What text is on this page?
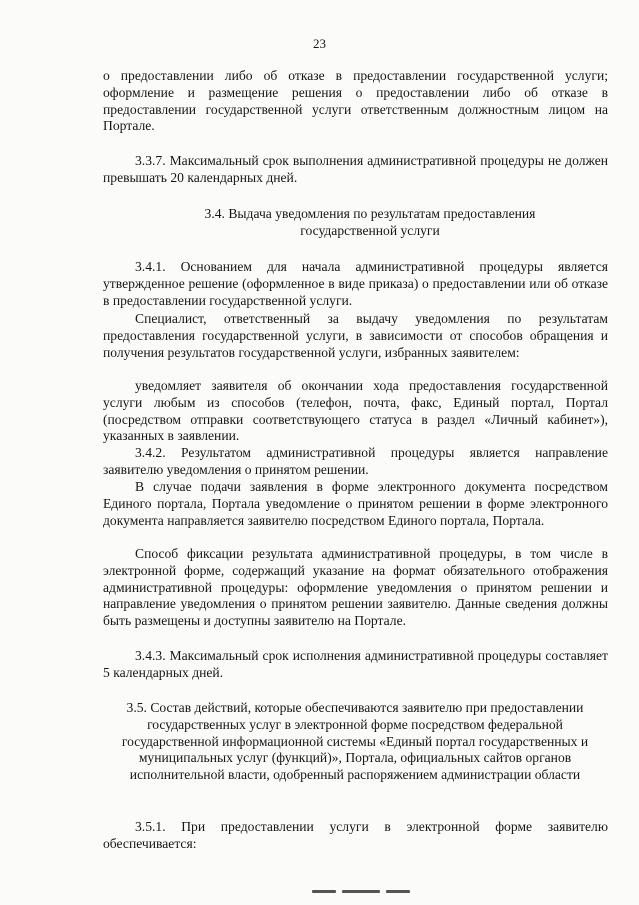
23

о предоставлении либо об отказе в предоставлении государственной услуги; оформление и размещение решения о предоставлении либо об отказе в предоставлении государственной услуги ответственным должностным лицом на Портале.

3.3.7. Максимальный срок выполнения административной процедуры не должен превышать 20 календарных дней.

3.4. Выдача уведомления по результатам предоставления государственной услуги

3.4.1. Основанием для начала административной процедуры является утвержденное решение (оформленное в виде приказа) о предоставлении или об отказе в предоставлении государственной услуги.

Специалист, ответственный за выдачу уведомления по результатам предоставления государственной услуги, в зависимости от способов обращения и получения результатов государственной услуги, избранных заявителем:

уведомляет заявителя об окончании хода предоставления государственной услуги любым из способов (телефон, почта, факс, Единый портал, Портал (посредством отправки соответствующего статуса в раздел «Личный кабинет»), указанных в заявлении.

3.4.2. Результатом административной процедуры является направление заявителю уведомления о принятом решении.

В случае подачи заявления в форме электронного документа посредством Единого портала, Портала уведомление о принятом решении в форме электронного документа направляется заявителю посредством Единого портала, Портала.

Способ фиксации результата административной процедуры, в том числе в электронной форме, содержащий указание на формат обязательного отображения административной процедуры: оформление уведомления о принятом решении и направление уведомления о принятом решении заявителю. Данные сведения должны быть размещены и доступны заявителю на Портале.

3.4.3. Максимальный срок исполнения административной процедуры составляет 5 календарных дней.

3.5. Состав действий, которые обеспечиваются заявителю при предоставлении государственных услуг в электронной форме посредством федеральной государственной информационной системы «Единый портал государственных и муниципальных услуг (функций)», Портала, официальных сайтов органов исполнительной власти, одобренный распоряжением администрации области

3.5.1. При предоставлении услуги в электронной форме заявителю обеспечивается:
